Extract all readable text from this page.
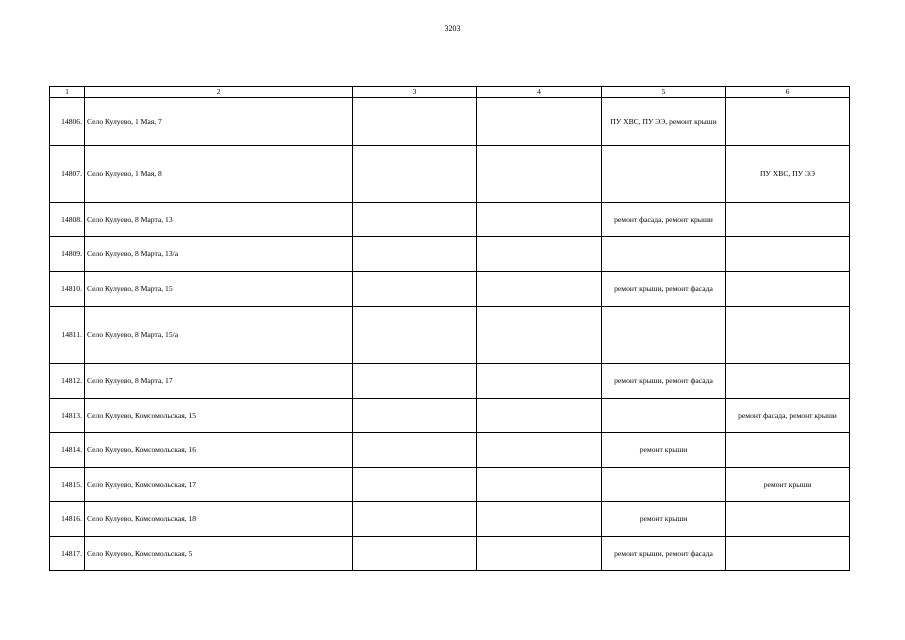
3203
1	2	3	4	5	6
14806.	Село Кулуево, 1 Мая, 7			ПУ ХВС, ПУ ЭЭ, ремонт крыши	
14807.	Село Кулуево, 1 Мая, 8				ПУ ХВС, ПУ ЭЭ
14808.	Село Кулуево, 8 Марта, 13			ремонт фасада, ремонт крыши	
14809.	Село Кулуево, 8 Марта, 13/а				
14810.	Село Кулуево, 8 Марта, 15			ремонт крыши, ремонт фасада	
14811.	Село Кулуево, 8 Марта, 15/а				
14812.	Село Кулуево, 8 Марта, 17			ремонт крыши, ремонт фасада	
14813.	Село Кулуево, Комсомольская, 15				ремонт фасада, ремонт крыши
14814.	Село Кулуево, Комсомольская, 16			ремонт крыши	
14815.	Село Кулуево, Комсомольская, 17				ремонт крыши
14816.	Село Кулуево, Комсомольская, 18			ремонт крыши	
14817.	Село Кулуево, Комсомольская, 5			ремонт крыши, ремонт фасада	
